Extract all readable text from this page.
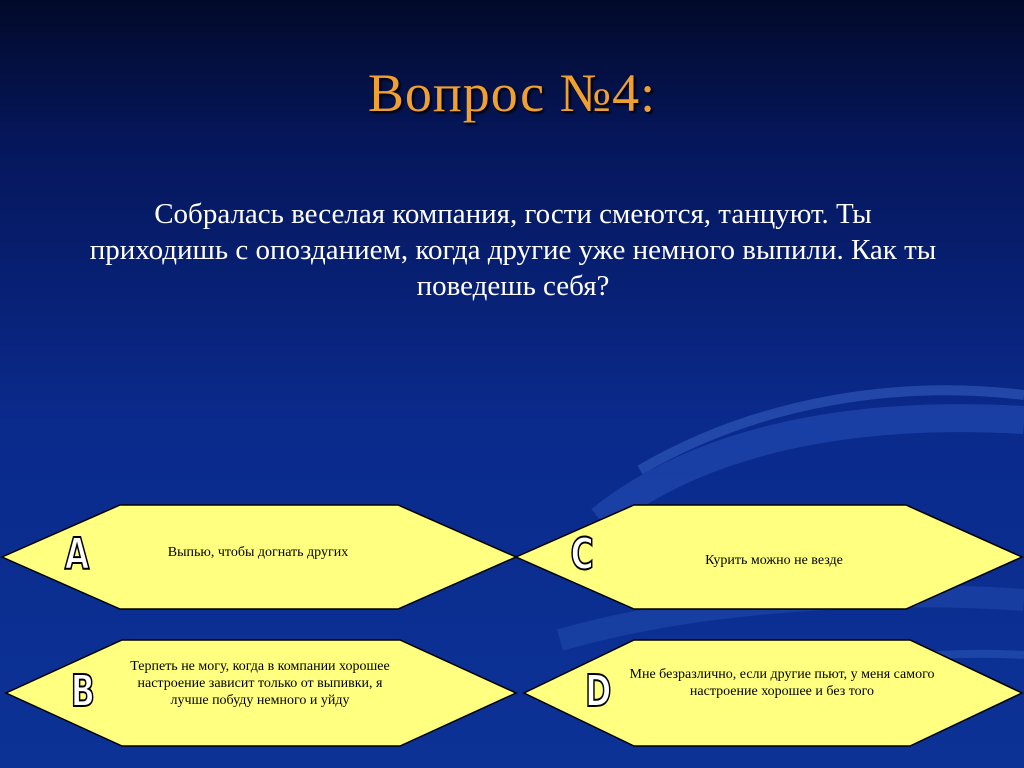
Вопрос №4:
Собралась веселая компания, гости смеются, танцуют. Ты приходишь с опозданием, когда другие уже немного выпили. Как ты поведешь себя?
A	Выпью, чтобы догнать других	C	Курить можно не везде
B	Терпеть не могу, когда в компании хорошее настроение зависит только от выпивки, я лучше побуду немного и уйду	D	Мне безразлично, если другие пьют, у меня самого настроение хорошее и без того
